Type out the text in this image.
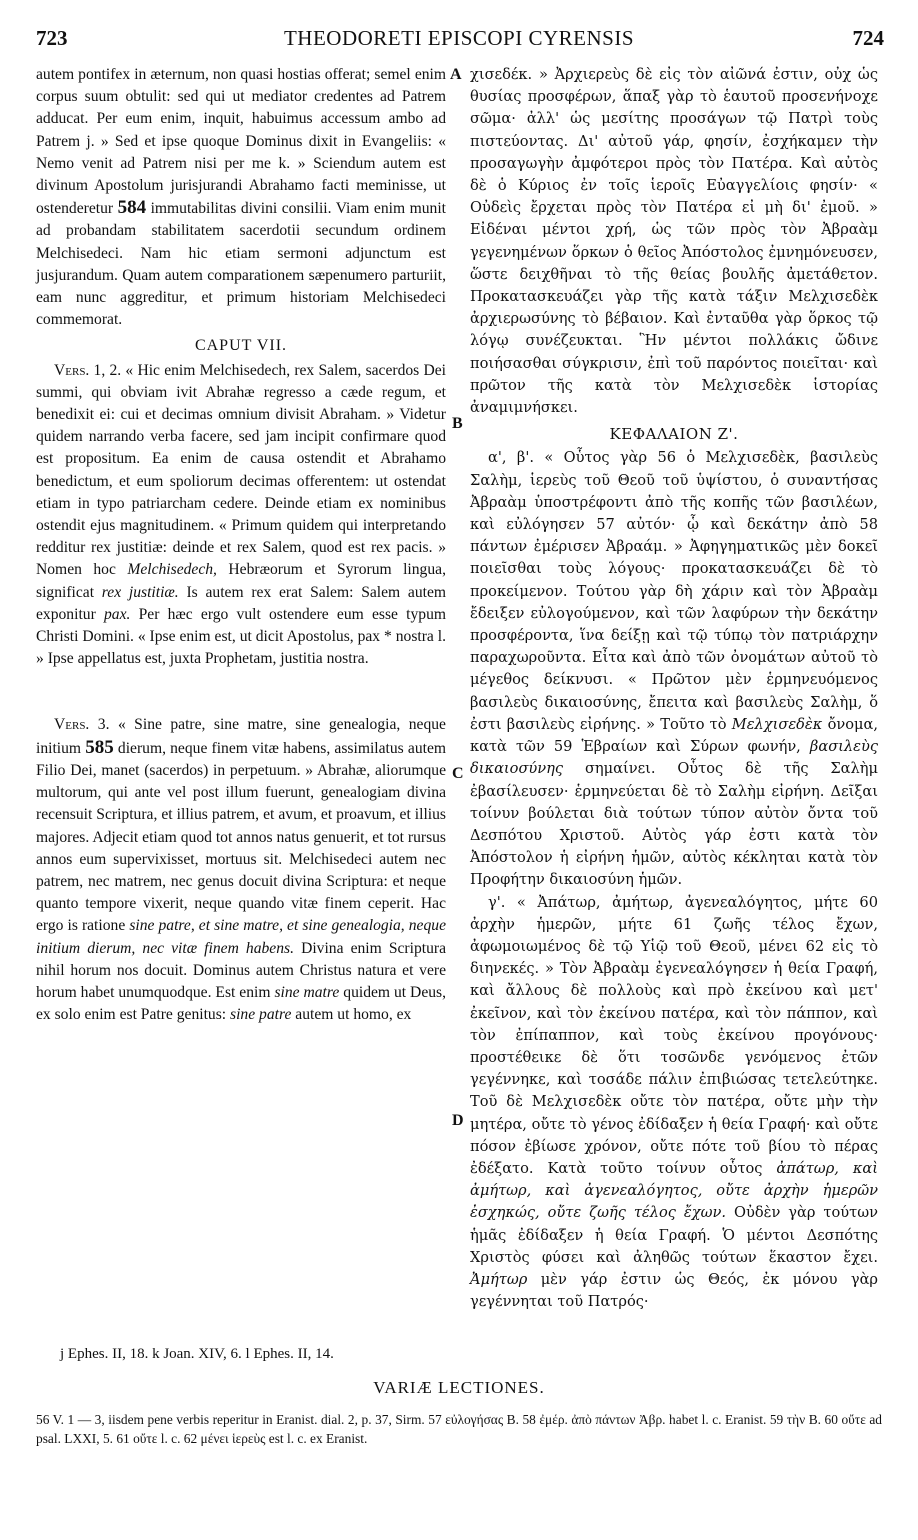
723	THEODORETI EPISCOPI CYRENSIS	724

autem pontifex in æternum, non quasi hostias offerat; semel enim corpus suum obtulit: sed qui ut mediator credentes ad Patrem adducat. Per eum enim, inquit, habuimus accessum ambo ad Patrem j. » Sed et ipse quoque Dominus dixit in Evangeliis: « Nemo venit ad Patrem nisi per me k. » Sciendum autem est divinum Apostolum jurisjurandi Abrahamo facti meminisse, ut ostenderetur 584 immutabilitas divini consilii. Viam enim munit ad probandam stabilitatem sacerdotii secundum ordinem Melchisedeci. Nam hic etiam sermoni adjunctum est jusjurandum. Quam autem comparationem sæpenumero parturiit, eam nunc aggreditur, et primum historiam Melchisedeci commemorat.

CAPUT VII.

Vers. 1, 2. « Hic enim Melchisedech, rex Salem, sacerdos Dei summi, qui obviam ivit Abrahæ regresso a cæde regum, et benedixit ei: cui et decimas omnium divisit Abraham. » Videtur quidem narrando verba facere, sed jam incipit confirmare quod est propositum. Ea enim de causa ostendit et Abrahamo benedictum, et eum spoliorum decimas offerentem: ut ostendat etiam in typo patriarcham cedere. Deinde etiam ex nominibus ostendit ejus magnitudinem. « Primum quidem qui interpretando redditur rex justitiæ: deinde et rex Salem, quod est rex pacis. » Nomen hoc Melchisedech, Hebræorum et Syrorum lingua, significat rex justitiæ. Is autem rex erat Salem: Salem autem exponitur pax. Per hæc ergo vult ostendere eum esse typum Christi Domini. « Ipse enim est, ut dicit Apostolus, pax * nostra l. » Ipse appellatus est, juxta Prophetam, justitia nostra.

Vers. 3. « Sine patre, sine matre, sine genealogia, neque initium 585 dierum, neque finem vitæ habens, assimilatus autem Filio Dei, manet (sacerdos) in perpetuum. » Abrahæ, aliorumque multorum, qui ante vel post illum fuerunt, genealogiam divina recensuit Scriptura, et illius patrem, et avum, et proavum, et illius majores. Adjecit etiam quod tot annos natus genuerit, et tot rursus annos eum supervixisset, mortuus sit. Melchisedeci autem nec patrem, nec matrem, nec genus docuit divina Scriptura: et neque quanto tempore vixerit, neque quando vitæ finem ceperit. Hac ergo is ratione sine patre, et sine matre, et sine genealogia, neque initium dierum, nec vitæ finem habens. Divina enim Scriptura nihil horum nos docuit. Dominus autem Christus natura et vere horum habet unumquodque. Est enim sine matre quidem ut Deus, ex solo enim est Patre genitus: sine patre autem ut homo, ex

A
B
C
D

χισεδέκ. » Ἀρχιερεὺς δὲ εἰς τὸν αἰῶνά ἐστιν, οὐχ ὡς θυσίας προσφέρων, ἅπαξ γὰρ τὸ ἑαυτοῦ προσενήνοχε σῶμα· ἀλλ' ὡς μεσίτης προσάγων τῷ Πατρὶ τοὺς πιστεύοντας. Δι' αὐτοῦ γάρ, φησίν, ἐσχήκαμεν τὴν προσαγωγὴν ἀμφότεροι πρὸς τὸν Πατέρα. Καὶ αὐτὸς δὲ ὁ Κύριος ἐν τοῖς ἱεροῖς Εὐαγγελίοις φησίν· « Οὐδεὶς ἔρχεται πρὸς τὸν Πατέρα εἰ μὴ δι' ἐμοῦ. » Εἰδέναι μέντοι χρή, ὡς τῶν πρὸς τὸν Ἀβραὰμ γεγενημένων ὅρκων ὁ θεῖος Ἀπόστολος ἐμνημόνευσεν, ὥστε δειχθῆναι τὸ τῆς θείας βουλῆς ἀμετάθετον. Προκατασκευάζει γὰρ τῆς κατὰ τάξιν Μελχισεδὲκ ἀρχιερωσύνης τὸ βέβαιον. Καὶ ἐνταῦθα γὰρ ὅρκος τῷ λόγῳ συνέζευκται. Ἣν μέντοι πολλάκις ὤδινε ποιήσασθαι σύγκρισιν, ἐπὶ τοῦ παρόντος ποιεῖται· καὶ πρῶτον τῆς κατὰ τὸν Μελχισεδὲκ ἱστορίας ἀναμιμνήσκει.

ΚΕΦΑΛΑΙΟΝ Ζ'.

α', β'. « Οὗτος γὰρ 56 ὁ Μελχισεδὲκ, βασιλεὺς Σαλὴμ, ἱερεὺς τοῦ Θεοῦ τοῦ ὑψίστου, ὁ συναντήσας Ἀβραὰμ ὑποστρέφοντι ἀπὸ τῆς κοπῆς τῶν βασιλέων, καὶ εὐλόγησεν 57 αὐτόν· ᾧ καὶ δεκάτην ἀπὸ 58 πάντων ἐμέρισεν Ἀβραάμ. » Ἀφηγηματικῶς μὲν δοκεῖ ποιεῖσθαι τοὺς λόγους· προκατασκευάζει δὲ τὸ προκείμενον. Τούτου γὰρ δὴ χάριν καὶ τὸν Ἀβραὰμ ἔδειξεν εὐλογούμενον, καὶ τῶν λαφύρων τὴν δεκάτην προσφέροντα, ἵνα δείξῃ καὶ τῷ τύπῳ τὸν πατριάρχην παραχωροῦντα. Εἶτα καὶ ἀπὸ τῶν ὀνομάτων αὐτοῦ τὸ μέγεθος δείκνυσι. « Πρῶτον μὲν ἑρμηνευόμενος βασιλεὺς δικαιοσύνης, ἔπειτα καὶ βασιλεὺς Σαλὴμ, ὅ ἐστι βασιλεὺς εἰρήνης. » Τοῦτο τὸ Μελχισεδὲκ ὄνομα, κατὰ τῶν 59 Ἑβραίων καὶ Σύρων φωνήν, βασιλεὺς δικαιοσύνης σημαίνει. Οὗτος δὲ τῆς Σαλὴμ ἐβασίλευσεν· ἑρμηνεύεται δὲ τὸ Σαλὴμ εἰρήνη. Δεῖξαι τοίνυν βούλεται διὰ τούτων τύπον αὐτὸν ὄντα τοῦ Δεσπότου Χριστοῦ. Αὐτὸς γάρ ἐστι κατὰ τὸν Ἀπόστολον ἡ εἰρήνη ἡμῶν, αὐτὸς κέκληται κατὰ τὸν Προφήτην δικαιοσύνη ἡμῶν.

γ'. « Ἀπάτωρ, ἀμήτωρ, ἀγενεαλόγητος, μήτε 60 ἀρχὴν ἡμερῶν, μήτε 61 ζωῆς τέλος ἔχων, ἀφωμοιωμένος δὲ τῷ Υἱῷ τοῦ Θεοῦ, μένει 62 εἰς τὸ διηνεκές. » Τὸν Ἀβραὰμ ἐγενεαλόγησεν ἡ θεία Γραφή, καὶ ἄλλους δὲ πολλοὺς καὶ πρὸ ἐκείνου καὶ μετ' ἐκεῖνον, καὶ τὸν ἐκείνου πατέρα, καὶ τὸν πάππον, καὶ τὸν ἐπίπαππον, καὶ τοὺς ἐκείνου προγόνους· προστέθεικε δὲ ὅτι τοσῶνδε γενόμενος ἐτῶν γεγέννηκε, καὶ τοσάδε πάλιν ἐπιβιώσας τετελεύτηκε. Τοῦ δὲ Μελχισεδὲκ οὔτε τὸν πατέρα, οὔτε μὴν τὴν μητέρα, οὔτε τὸ γένος ἐδίδαξεν ἡ θεία Γραφή· καὶ οὔτε πόσον ἐβίωσε χρόνον, οὔτε πότε τοῦ βίου τὸ πέρας ἐδέξατο. Κατὰ τοῦτο τοίνυν οὗτος ἀπάτωρ, καὶ ἀμήτωρ, καὶ ἀγενεαλόγητος, οὔτε ἀρχὴν ἡμερῶν ἐσχηκώς, οὔτε ζωῆς τέλος ἔχων. Οὐδὲν γὰρ τούτων ἡμᾶς ἐδίδαξεν ἡ θεία Γραφή. Ὁ μέντοι Δεσπότης Χριστὸς φύσει καὶ ἀληθῶς τούτων ἕκαστον ἔχει. Ἀμήτωρ μὲν γάρ ἐστιν ὡς Θεός, ἐκ μόνου γὰρ γεγέννηται τοῦ Πατρός·

j Ephes. II, 18. k Joan. XIV, 6. l Ephes. II, 14.
VARIÆ LECTIONES.
56 V. 1 — 3, iisdem pene verbis reperitur in Eranist. dial. 2, p. 37, Sirm. 57 εὐλογήσας B. 58 ἐμέρ. ἀπὸ πάντων Ἀβρ. habet l. c. Eranist. 59 τὴν B. 60 οὔτε ad psal. LXXI, 5. 61 οὔτε l. c. 62 μένει ἱερεὺς est l. c. ex Eranist.
